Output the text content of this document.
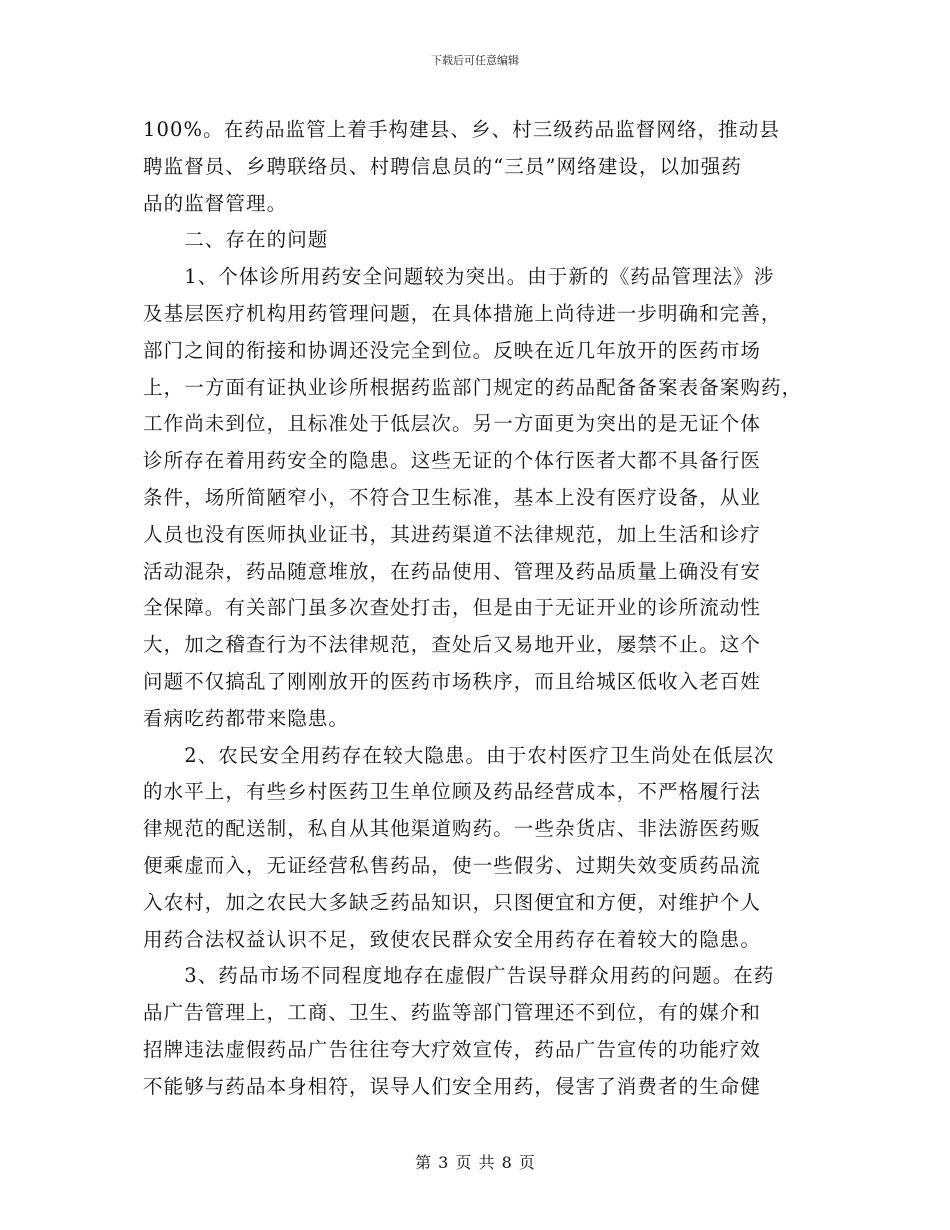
下载后可任意编辑
100%。在药品监管上着手构建县、乡、村三级药品监督网络，推动县
聘监督员、乡聘联络员、村聘信息员的“三员”网络建设，以加强药
品的监督管理。
　　二、存在的问题
　　1、个体诊所用药安全问题较为突出。由于新的《药品管理法》涉
及基层医疗机构用药管理问题，在具体措施上尚待进一步明确和完善，
部门之间的衔接和协调还没完全到位。反映在近几年放开的医药市场
上，一方面有证执业诊所根据药监部门规定的药品配备备案表备案购药，
工作尚未到位，且标准处于低层次。另一方面更为突出的是无证个体
诊所存在着用药安全的隐患。这些无证的个体行医者大都不具备行医
条件，场所简陋窄小，不符合卫生标准，基本上没有医疗设备，从业
人员也没有医师执业证书，其进药渠道不法律规范，加上生活和诊疗
活动混杂，药品随意堆放，在药品使用、管理及药品质量上确没有安
全保障。有关部门虽多次查处打击，但是由于无证开业的诊所流动性
大，加之稽查行为不法律规范，查处后又易地开业，屡禁不止。这个
问题不仅搞乱了刚刚放开的医药市场秩序，而且给城区低收入老百姓
看病吃药都带来隐患。
　　2、农民安全用药存在较大隐患。由于农村医疗卫生尚处在低层次
的水平上，有些乡村医药卫生单位顾及药品经营成本，不严格履行法
律规范的配送制，私自从其他渠道购药。一些杂货店、非法游医药贩
便乘虚而入，无证经营私售药品，使一些假劣、过期失效变质药品流
入农村，加之农民大多缺乏药品知识，只图便宜和方便，对维护个人
用药合法权益认识不足，致使农民群众安全用药存在着较大的隐患。
　　3、药品市场不同程度地存在虚假广告误导群众用药的问题。在药
品广告管理上，工商、卫生、药监等部门管理还不到位，有的媒介和
招牌违法虚假药品广告往往夸大疗效宣传，药品广告宣传的功能疗效
不能够与药品本身相符，误导人们安全用药，侵害了消费者的生命健
第 3 页 共 8 页
